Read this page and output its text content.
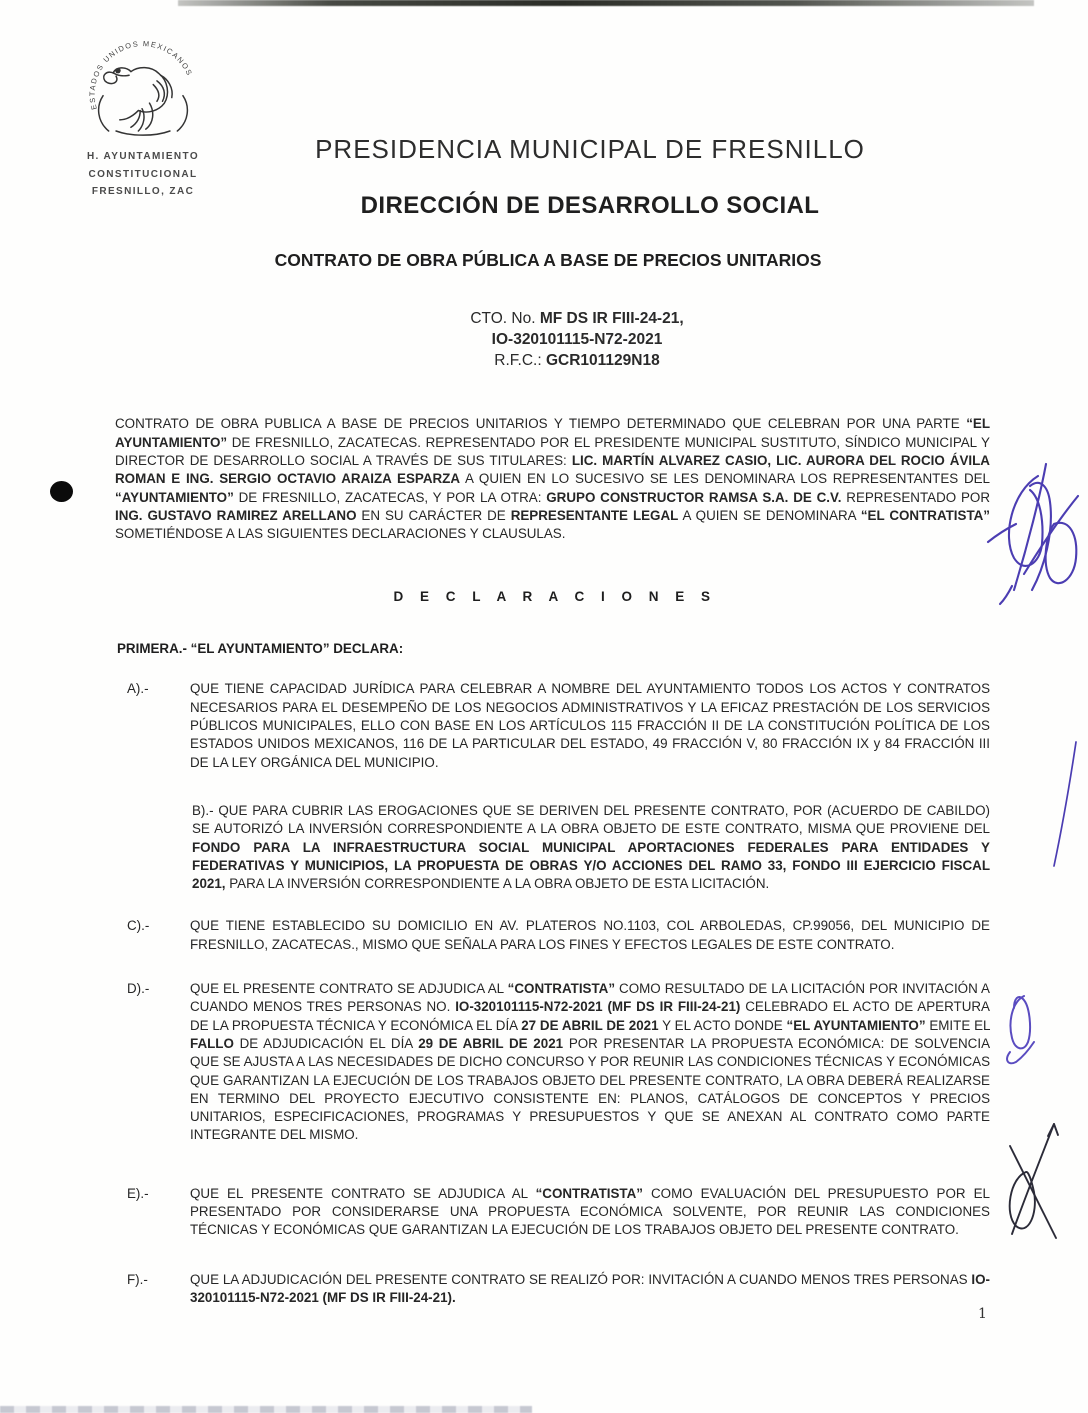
ESTADOS UNIDOS MEXICANOS
H. AYUNTAMIENTO
CONSTITUCIONAL
FRESNILLO, ZAC
PRESIDENCIA MUNICIPAL DE FRESNILLO
DIRECCIÓN DE DESARROLLO SOCIAL
CONTRATO DE OBRA PÚBLICA A BASE DE PRECIOS UNITARIOS
CTO. No. MF DS IR FIII-24-21,
IO-320101115-N72-2021
R.F.C.: GCR101129N18

CONTRATO DE OBRA PUBLICA A BASE DE PRECIOS UNITARIOS Y TIEMPO DETERMINADO QUE CELEBRAN POR UNA PARTE “EL AYUNTAMIENTO” DE FRESNILLO, ZACATECAS. REPRESENTADO POR EL PRESIDENTE MUNICIPAL SUSTITUTO, SÍNDICO MUNICIPAL Y DIRECTOR DE DESARROLLO SOCIAL A TRAVÉS DE SUS TITULARES: LIC. MARTÍN ALVAREZ CASIO, LIC. AURORA DEL ROCIO ÁVILA ROMAN E ING. SERGIO OCTAVIO ARAIZA ESPARZA A QUIEN EN LO SUCESIVO SE LES DENOMINARA LOS REPRESENTANTES DEL “AYUNTAMIENTO” DE FRESNILLO, ZACATECAS, Y POR LA OTRA: GRUPO CONSTRUCTOR RAMSA S.A. DE C.V. REPRESENTADO POR ING. GUSTAVO RAMIREZ ARELLANO EN SU CARÁCTER DE REPRESENTANTE LEGAL A QUIEN SE DENOMINARA “EL CONTRATISTA” SOMETIÉNDOSE A LAS SIGUIENTES DECLARACIONES Y CLAUSULAS.

D E C L A R A C I O N E S
PRIMERA.- “EL AYUNTAMIENTO” DECLARA:
A).-	QUE TIENE CAPACIDAD JURÍDICA PARA CELEBRAR A NOMBRE DEL AYUNTAMIENTO TODOS LOS ACTOS Y CONTRATOS NECESARIOS PARA EL DESEMPEÑO DE LOS NEGOCIOS ADMINISTRATIVOS Y LA EFICAZ PRESTACIÓN DE LOS SERVICIOS PÚBLICOS MUNICIPALES, ELLO CON BASE EN LOS ARTÍCULOS 115 FRACCIÓN II DE LA CONSTITUCIÓN POLÍTICA DE LOS ESTADOS UNIDOS MEXICANOS, 116 DE LA PARTICULAR DEL ESTADO, 49 FRACCIÓN V, 80 FRACCIÓN IX y 84 FRACCIÓN III DE LA LEY ORGÁNICA DEL MUNICIPIO.

B).- QUE PARA CUBRIR LAS EROGACIONES QUE SE DERIVEN DEL PRESENTE CONTRATO, POR (ACUERDO DE CABILDO) SE AUTORIZÓ LA INVERSIÓN CORRESPONDIENTE A LA OBRA OBJETO DE ESTE CONTRATO, MISMA QUE PROVIENE DEL FONDO PARA LA INFRAESTRUCTURA SOCIAL MUNICIPAL APORTACIONES FEDERALES PARA ENTIDADES Y FEDERATIVAS Y MUNICIPIOS, LA PROPUESTA DE OBRAS Y/O ACCIONES DEL RAMO 33, FONDO III EJERCICIO FISCAL 2021, PARA LA INVERSIÓN CORRESPONDIENTE A LA OBRA OBJETO DE ESTA LICITACIÓN.

C).-	QUE TIENE ESTABLECIDO SU DOMICILIO EN AV. PLATEROS NO.1103, COL ARBOLEDAS, CP.99056, DEL MUNICIPIO DE FRESNILLO, ZACATECAS., MISMO QUE SEÑALA PARA LOS FINES Y EFECTOS LEGALES DE ESTE CONTRATO.
D).-	QUE EL PRESENTE CONTRATO SE ADJUDICA AL “CONTRATISTA” COMO RESULTADO DE LA LICITACIÓN POR INVITACIÓN A CUANDO MENOS TRES PERSONAS NO. IO-320101115-N72-2021 (MF DS IR FIII-24-21) CELEBRADO EL ACTO DE APERTURA DE LA PROPUESTA TÉCNICA Y ECONÓMICA EL DÍA 27 DE ABRIL DE 2021 Y EL ACTO DONDE “EL AYUNTAMIENTO” EMITE EL FALLO DE ADJUDICACIÓN EL DÍA 29 DE ABRIL DE 2021 POR PRESENTAR LA PROPUESTA ECONÓMICA: DE SOLVENCIA QUE SE AJUSTA A LAS NECESIDADES DE DICHO CONCURSO Y POR REUNIR LAS CONDICIONES TÉCNICAS Y ECONÓMICAS QUE GARANTIZAN LA EJECUCIÓN DE LOS TRABAJOS OBJETO DEL PRESENTE CONTRATO, LA OBRA DEBERÁ REALIZARSE EN TERMINO DEL PROYECTO EJECUTIVO CONSISTENTE EN: PLANOS, CATÁLOGOS DE CONCEPTOS Y PRECIOS UNITARIOS, ESPECIFICACIONES, PROGRAMAS Y PRESUPUESTOS Y QUE SE ANEXAN AL CONTRATO COMO PARTE INTEGRANTE DEL MISMO.
E).-	QUE EL PRESENTE CONTRATO SE ADJUDICA AL “CONTRATISTA” COMO EVALUACIÓN DEL PRESUPUESTO POR EL PRESENTADO POR CONSIDERARSE UNA PROPUESTA ECONÓMICA SOLVENTE, POR REUNIR LAS CONDICIONES TÉCNICAS Y ECONÓMICAS QUE GARANTIZAN LA EJECUCIÓN DE LOS TRABAJOS OBJETO DEL PRESENTE CONTRATO.
F).-	QUE LA ADJUDICACIÓN DEL PRESENTE CONTRATO SE REALIZÓ POR: INVITACIÓN A CUANDO MENOS TRES PERSONAS IO-320101115-N72-2021 (MF DS IR FIII-24-21).
1
